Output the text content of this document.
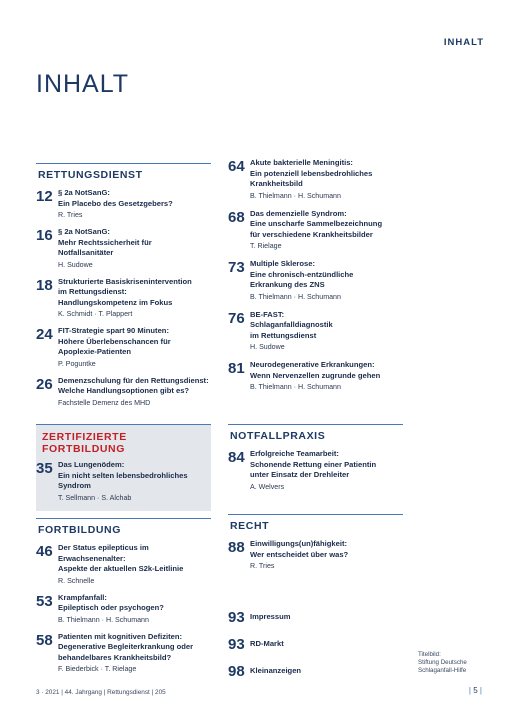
INHALT
INHALT
RETTUNGSDIENST
12 § 2a NotSanG:
Ein Placebo des Gesetzgebers?
R. Tries
16 § 2a NotSanG:
Mehr Rechtssicherheit für
Notfallsanitäter
H. Sudowe
18 Strukturierte Basiskrisenintervention
im Rettungsdienst:
Handlungskompetenz im Fokus
K. Schmidt · T. Plappert
24 FIT-Strategie spart 90 Minuten:
Höhere Überlebenschancen für
Apoplexie-Patienten
P. Poguntke
26 Demenzschulung für den Rettungsdienst:
Welche Handlungsoptionen gibt es?
Fachstelle Demenz des MHD
ZERTIFIZIERTE FORTBILDUNG
35 Das Lungenödem:
Ein nicht selten lebensbedrohliches
Syndrom
T. Sellmann · S. Alchab
FORTBILDUNG
46 Der Status epilepticus im
Erwachsenenalter:
Aspekte der aktuellen S2k-Leitlinie
R. Schnelle
53 Krampfanfall:
Epileptisch oder psychogen?
B. Thielmann · H. Schumann
58 Patienten mit kognitiven Defiziten:
Degenerative Begleiterkrankung oder
behandelbares Krankheitsbild?
F. Biederbick · T. Rielage
64 Akute bakterielle Meningitis:
Ein potenziell lebensbedrohliches
Krankheitsbild
B. Thielmann · H. Schumann
68 Das demenzielle Syndrom:
Eine unscharfe Sammelbezeichnung
für verschiedene Krankheitsbilder
T. Rielage
73 Multiple Sklerose:
Eine chronisch-entzündliche
Erkrankung des ZNS
B. Thielmann · H. Schumann
76 BE-FAST:
Schlaganfalldiagnostik
im Rettungsdienst
H. Sudowe
81 Neurodegenerative Erkrankungen:
Wenn Nervenzellen zugrunde gehen
B. Thielmann · H. Schumann
NOTFALLPRAXIS
84 Erfolgreiche Teamarbeit:
Schonende Rettung einer Patientin
unter Einsatz der Drehleiter
A. Welvers
RECHT
88 Einwilligungs(un)fähigkeit:
Wer entscheidet über was?
R. Tries
93 Impressum
93 RD-Markt
98 Kleinanzeigen
Titelbild:
Stiftung Deutsche
Schlaganfall-Hilfe
3 · 2021 | 44. Jahrgang | Rettungsdienst | 205	| 5 |
